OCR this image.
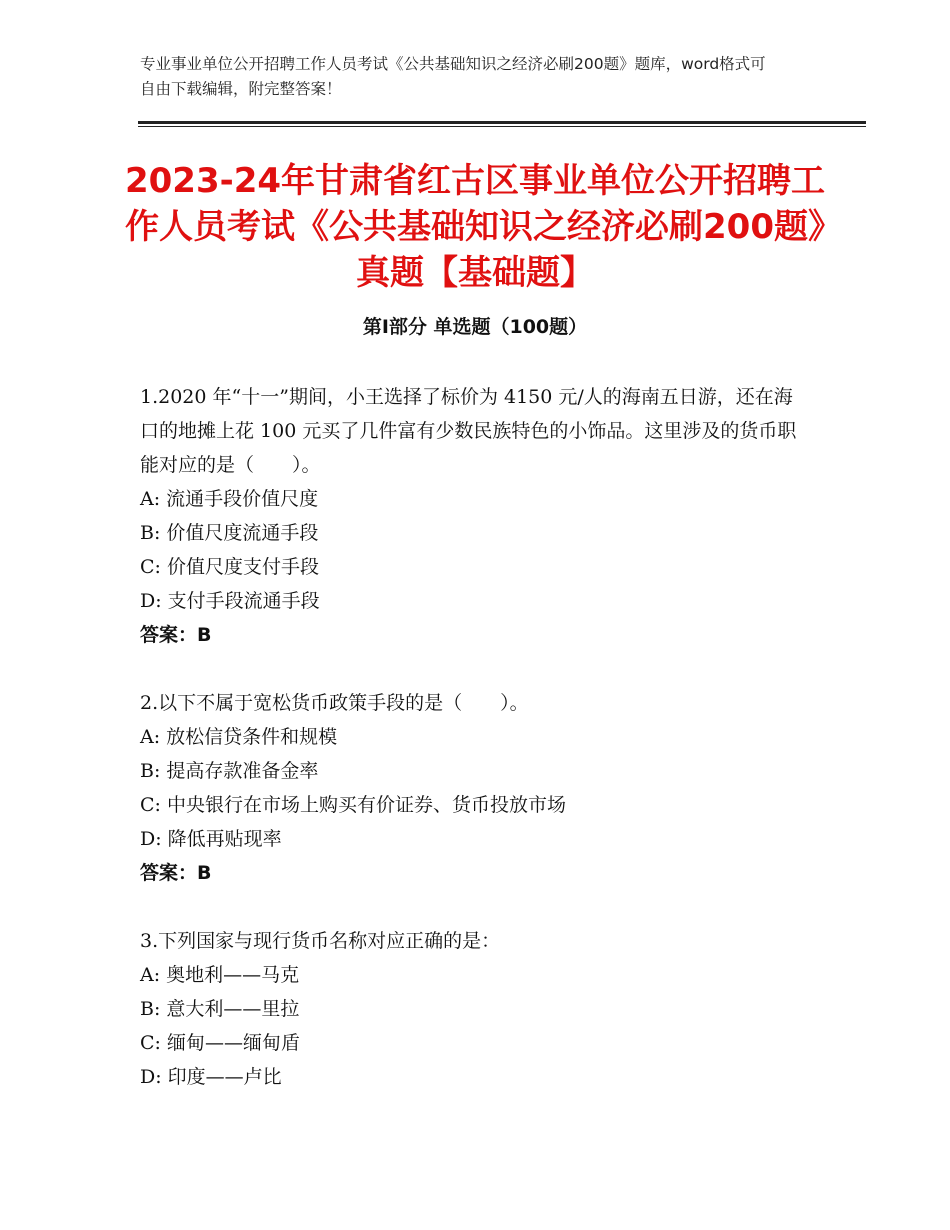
专业事业单位公开招聘工作人员考试《公共基础知识之经济必刷200题》题库，word格式可自由下载编辑，附完整答案！
2023-24年甘肃省红古区事业单位公开招聘工作人员考试《公共基础知识之经济必刷200题》真题【基础题】
第I部分 单选题（100题）

1.2020 年“十一”期间，小王选择了标价为 4150 元/人的海南五日游，还在海口的地摊上花 100 元买了几件富有少数民族特色的小饰品。这里涉及的货币职能对应的是（　　）。

A: 流通手段价值尺度

B: 价值尺度流通手段

C: 价值尺度支付手段

D: 支付手段流通手段

答案：B

2.以下不属于宽松货币政策手段的是（　　）。

A: 放松信贷条件和规模

B: 提高存款准备金率

C: 中央银行在市场上购买有价证券、货币投放市场

D: 降低再贴现率

答案：B

3.下列国家与现行货币名称对应正确的是：

A: 奥地利——马克

B: 意大利——里拉

C: 缅甸——缅甸盾

D: 印度——卢比
